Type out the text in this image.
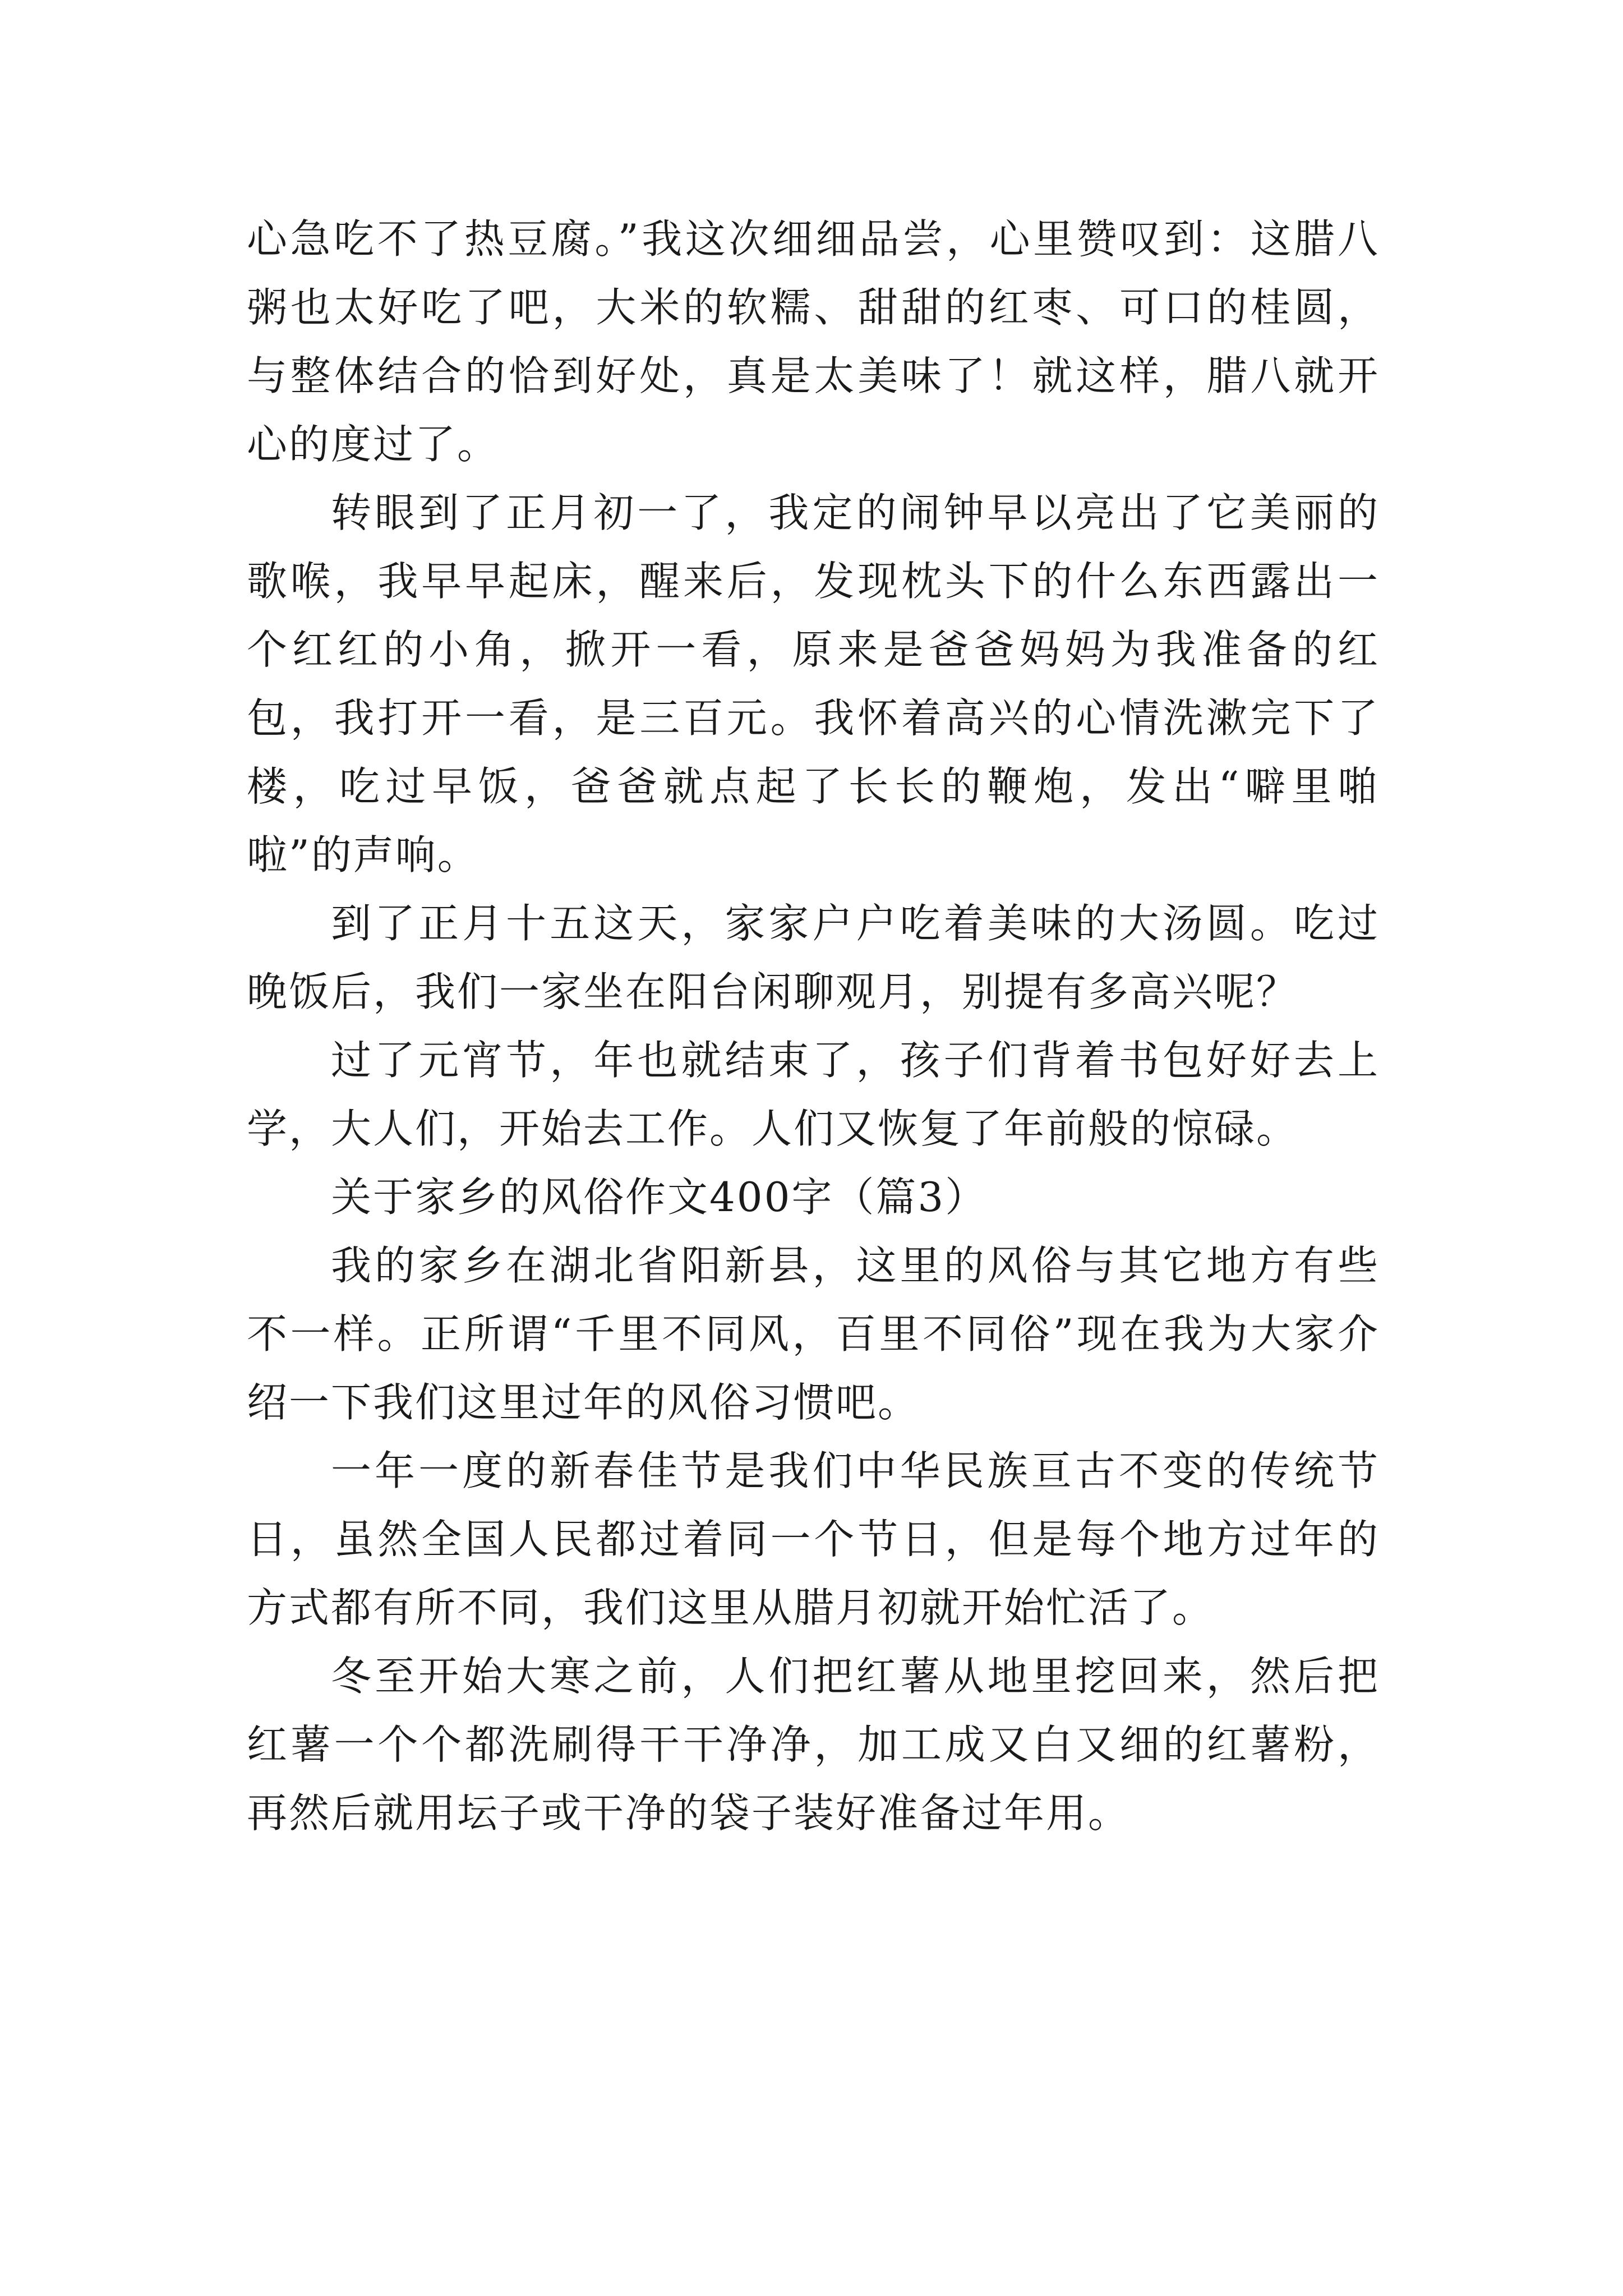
心急吃不了热豆腐。”我这次细细品尝，心里赞叹到：这腊八粥也太好吃了吧，大米的软糯、甜甜的红枣、可口的桂圆，与整体结合的恰到好处，真是太美味了！就这样，腊八就开心的度过了。

转眼到了正月初一了，我定的闹钟早以亮出了它美丽的歌喉，我早早起床，醒来后，发现枕头下的什么东西露出一个红红的小角，掀开一看，原来是爸爸妈妈为我准备的红包，我打开一看，是三百元。我怀着高兴的心情洗漱完下了楼，吃过早饭，爸爸就点起了长长的鞭炮，发出“噼里啪啦”的声响。

到了正月十五这天，家家户户吃着美味的大汤圆。吃过晚饭后，我们一家坐在阳台闲聊观月，别提有多高兴呢？

过了元宵节，年也就结束了，孩子们背着书包好好去上学，大人们，开始去工作。人们又恢复了年前般的惊碌。

关于家乡的风俗作文400字（篇3）

我的家乡在湖北省阳新县，这里的风俗与其它地方有些不一样。正所谓“千里不同风，百里不同俗”现在我为大家介绍一下我们这里过年的风俗习惯吧。

一年一度的新春佳节是我们中华民族亘古不变的传统节日，虽然全国人民都过着同一个节日，但是每个地方过年的方式都有所不同，我们这里从腊月初就开始忙活了。

冬至开始大寒之前，人们把红薯从地里挖回来，然后把红薯一个个都洗刷得干干净净，加工成又白又细的红薯粉，再然后就用坛子或干净的袋子装好准备过年用。
